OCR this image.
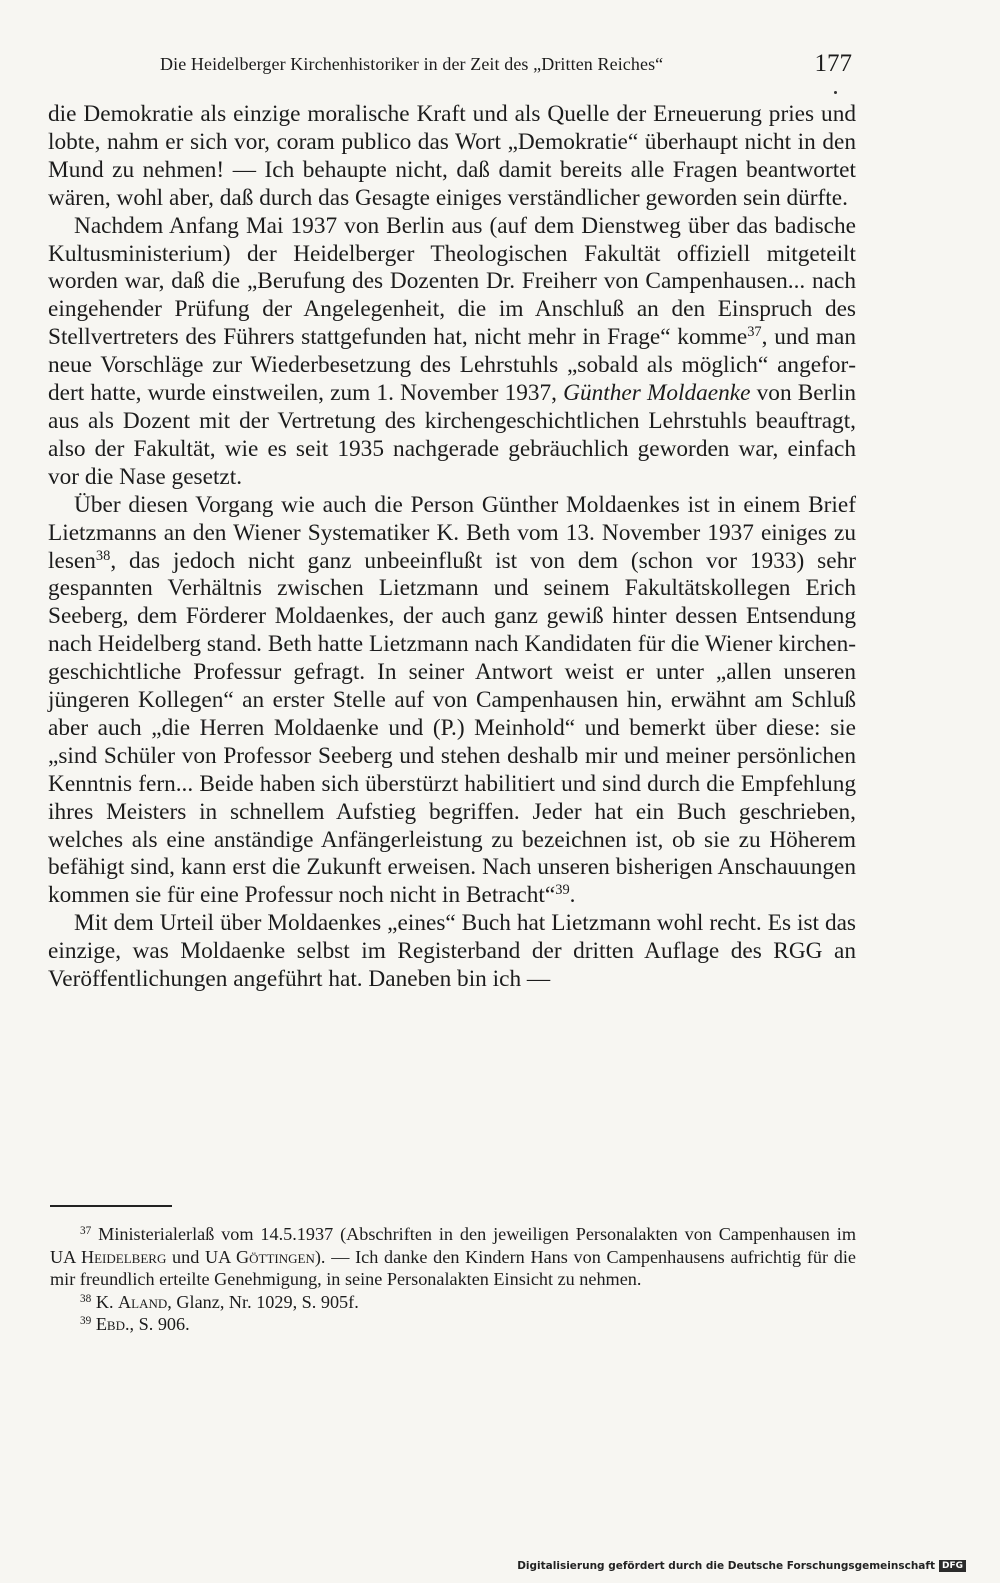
Die Heidelberger Kirchenhistoriker in der Zeit des „Dritten Reiches“	177

die Demokratie als einzige moralische Kraft und als Quelle der Erneuerung pries und lobte, nahm er sich vor, coram publico das Wort „Demokratie“ überhaupt nicht in den Mund zu nehmen! — Ich behaupte nicht, daß damit bereits alle Fragen beantwortet wären, wohl aber, daß durch das Gesagte einiges verständlicher geworden sein dürfte.

Nachdem Anfang Mai 1937 von Berlin aus (auf dem Dienstweg über das badische Kultusministerium) der Heidelberger Theologischen Fakultät offiziell mitgeteilt worden war, daß die „Berufung des Dozenten Dr. Freiherr von Campenhausen... nach eingehender Prüfung der Angelegenheit, die im Anschluß an den Einspruch des Stellvertreters des Führers stattgefunden hat, nicht mehr in Frage“ komme$^{37}$, und man neue Vorschläge zur Wiederbesetzung des Lehrstuhls „sobald als möglich“ angefordert hatte, wurde einstweilen, zum 1. November 1937, Günther Moldaenke von Berlin aus als Dozent mit der Vertretung des kirchengeschichtlichen Lehrstuhls beauftragt, also der Fakultät, wie es seit 1935 nachgerade gebräuchlich geworden war, einfach vor die Nase gesetzt.

Über diesen Vorgang wie auch die Person Günther Moldaenkes ist in einem Brief Lietzmanns an den Wiener Systematiker K. Beth vom 13. November 1937 einiges zu lesen$^{38}$, das jedoch nicht ganz unbeeinflußt ist von dem (schon vor 1933) sehr gespannten Verhältnis zwischen Lietzmann und seinem Fakultätskollegen Erich Seeberg, dem Förderer Moldaenkes, der auch ganz gewiß hinter dessen Entsendung nach Heidelberg stand. Beth hatte Lietzmann nach Kandidaten für die Wiener kirchengeschichtliche Professur gefragt. In seiner Antwort weist er unter „allen unseren jüngeren Kollegen“ an erster Stelle auf von Campenhausen hin, erwähnt am Schluß aber auch „die Herren Moldaenke und (P.) Meinhold“ und bemerkt über diese: sie „sind Schüler von Professor Seeberg und stehen deshalb mir und meiner persönlichen Kenntnis fern... Beide haben sich überstürzt habilitiert und sind durch die Empfehlung ihres Meisters in schnellem Aufstieg begriffen. Jeder hat ein Buch geschrieben, welches als eine anständige Anfängerleistung zu bezeichnen ist, ob sie zu Höherem befähigt sind, kann erst die Zukunft erweisen. Nach unseren bisherigen Anschauungen kommen sie für eine Professur noch nicht in Betracht“$^{39}$.

Mit dem Urteil über Moldaenkes „eines“ Buch hat Lietzmann wohl recht. Es ist das einzige, was Moldaenke selbst im Registerband der dritten Auflage des RGG an Veröffentlichungen angeführt hat. Daneben bin ich —

$^{37}$ Ministerialerlaß vom 14.5.1937 (Abschriften in den jeweiligen Personalakten von Campenhausen im UA Heidelberg und UA Göttingen). — Ich danke den Kindern Hans von Campenhausens aufrichtig für die mir freundlich erteilte Genehmigung, in seine Personalakten Einsicht zu nehmen.

$^{38}$ K. Aland, Glanz, Nr. 1029, S. 905f.

$^{39}$ Ebd., S. 906.

Digitalisierung gefördert durch die Deutsche Forschungsgemeinschaft DFG
